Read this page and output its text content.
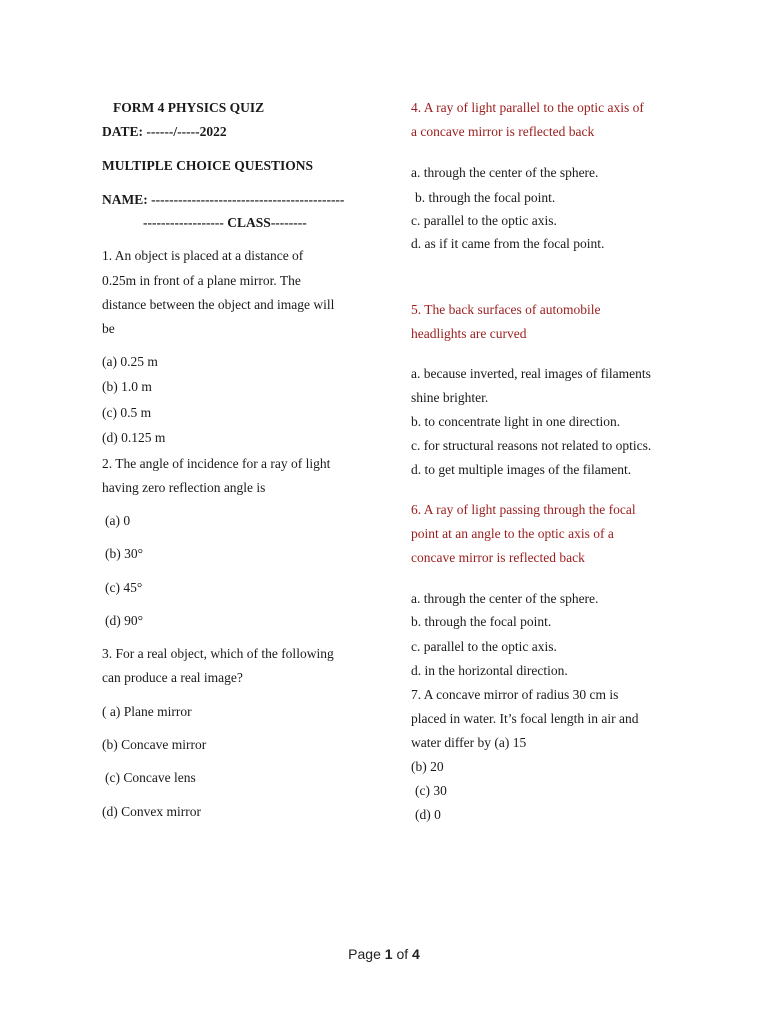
FORM 4 PHYSICS QUIZ
DATE: ------/-----2022
MULTIPLE CHOICE QUESTIONS
NAME: -------------------------------------------
------------------ CLASS--------
1. An object is placed at a distance of
0.25m in front of a plane mirror. The
distance between the object and image will
be
(a) 0.25 m
(b) 1.0 m
(c) 0.5 m
(d) 0.125 m
2. The angle of incidence for a ray of light
having zero reflection angle is
(a) 0
(b) 30°
(c) 45°
(d) 90°
3. For a real object, which of the following
can produce a real image?
( a) Plane mirror
(b) Concave mirror
(c) Concave lens
(d) Convex mirror
4. A ray of light parallel to the optic axis of
a concave mirror is reflected back
a. through the center of the sphere.
b. through the focal point.
c. parallel to the optic axis.
d. as if it came from the focal point.
5. The back surfaces of automobile
headlights are curved
a. because inverted, real images of filaments
shine brighter.
b. to concentrate light in one direction.
c. for structural reasons not related to optics.
d. to get multiple images of the filament.
6. A ray of light passing through the focal
point at an angle to the optic axis of a
concave mirror is reflected back
a. through the center of the sphere.
b. through the focal point.
c. parallel to the optic axis.
d. in the horizontal direction.
7. A concave mirror of radius 30 cm is
placed in water. It’s focal length in air and
water differ by (a) 15
(b) 20
(c) 30
(d) 0
Page 1 of 4
